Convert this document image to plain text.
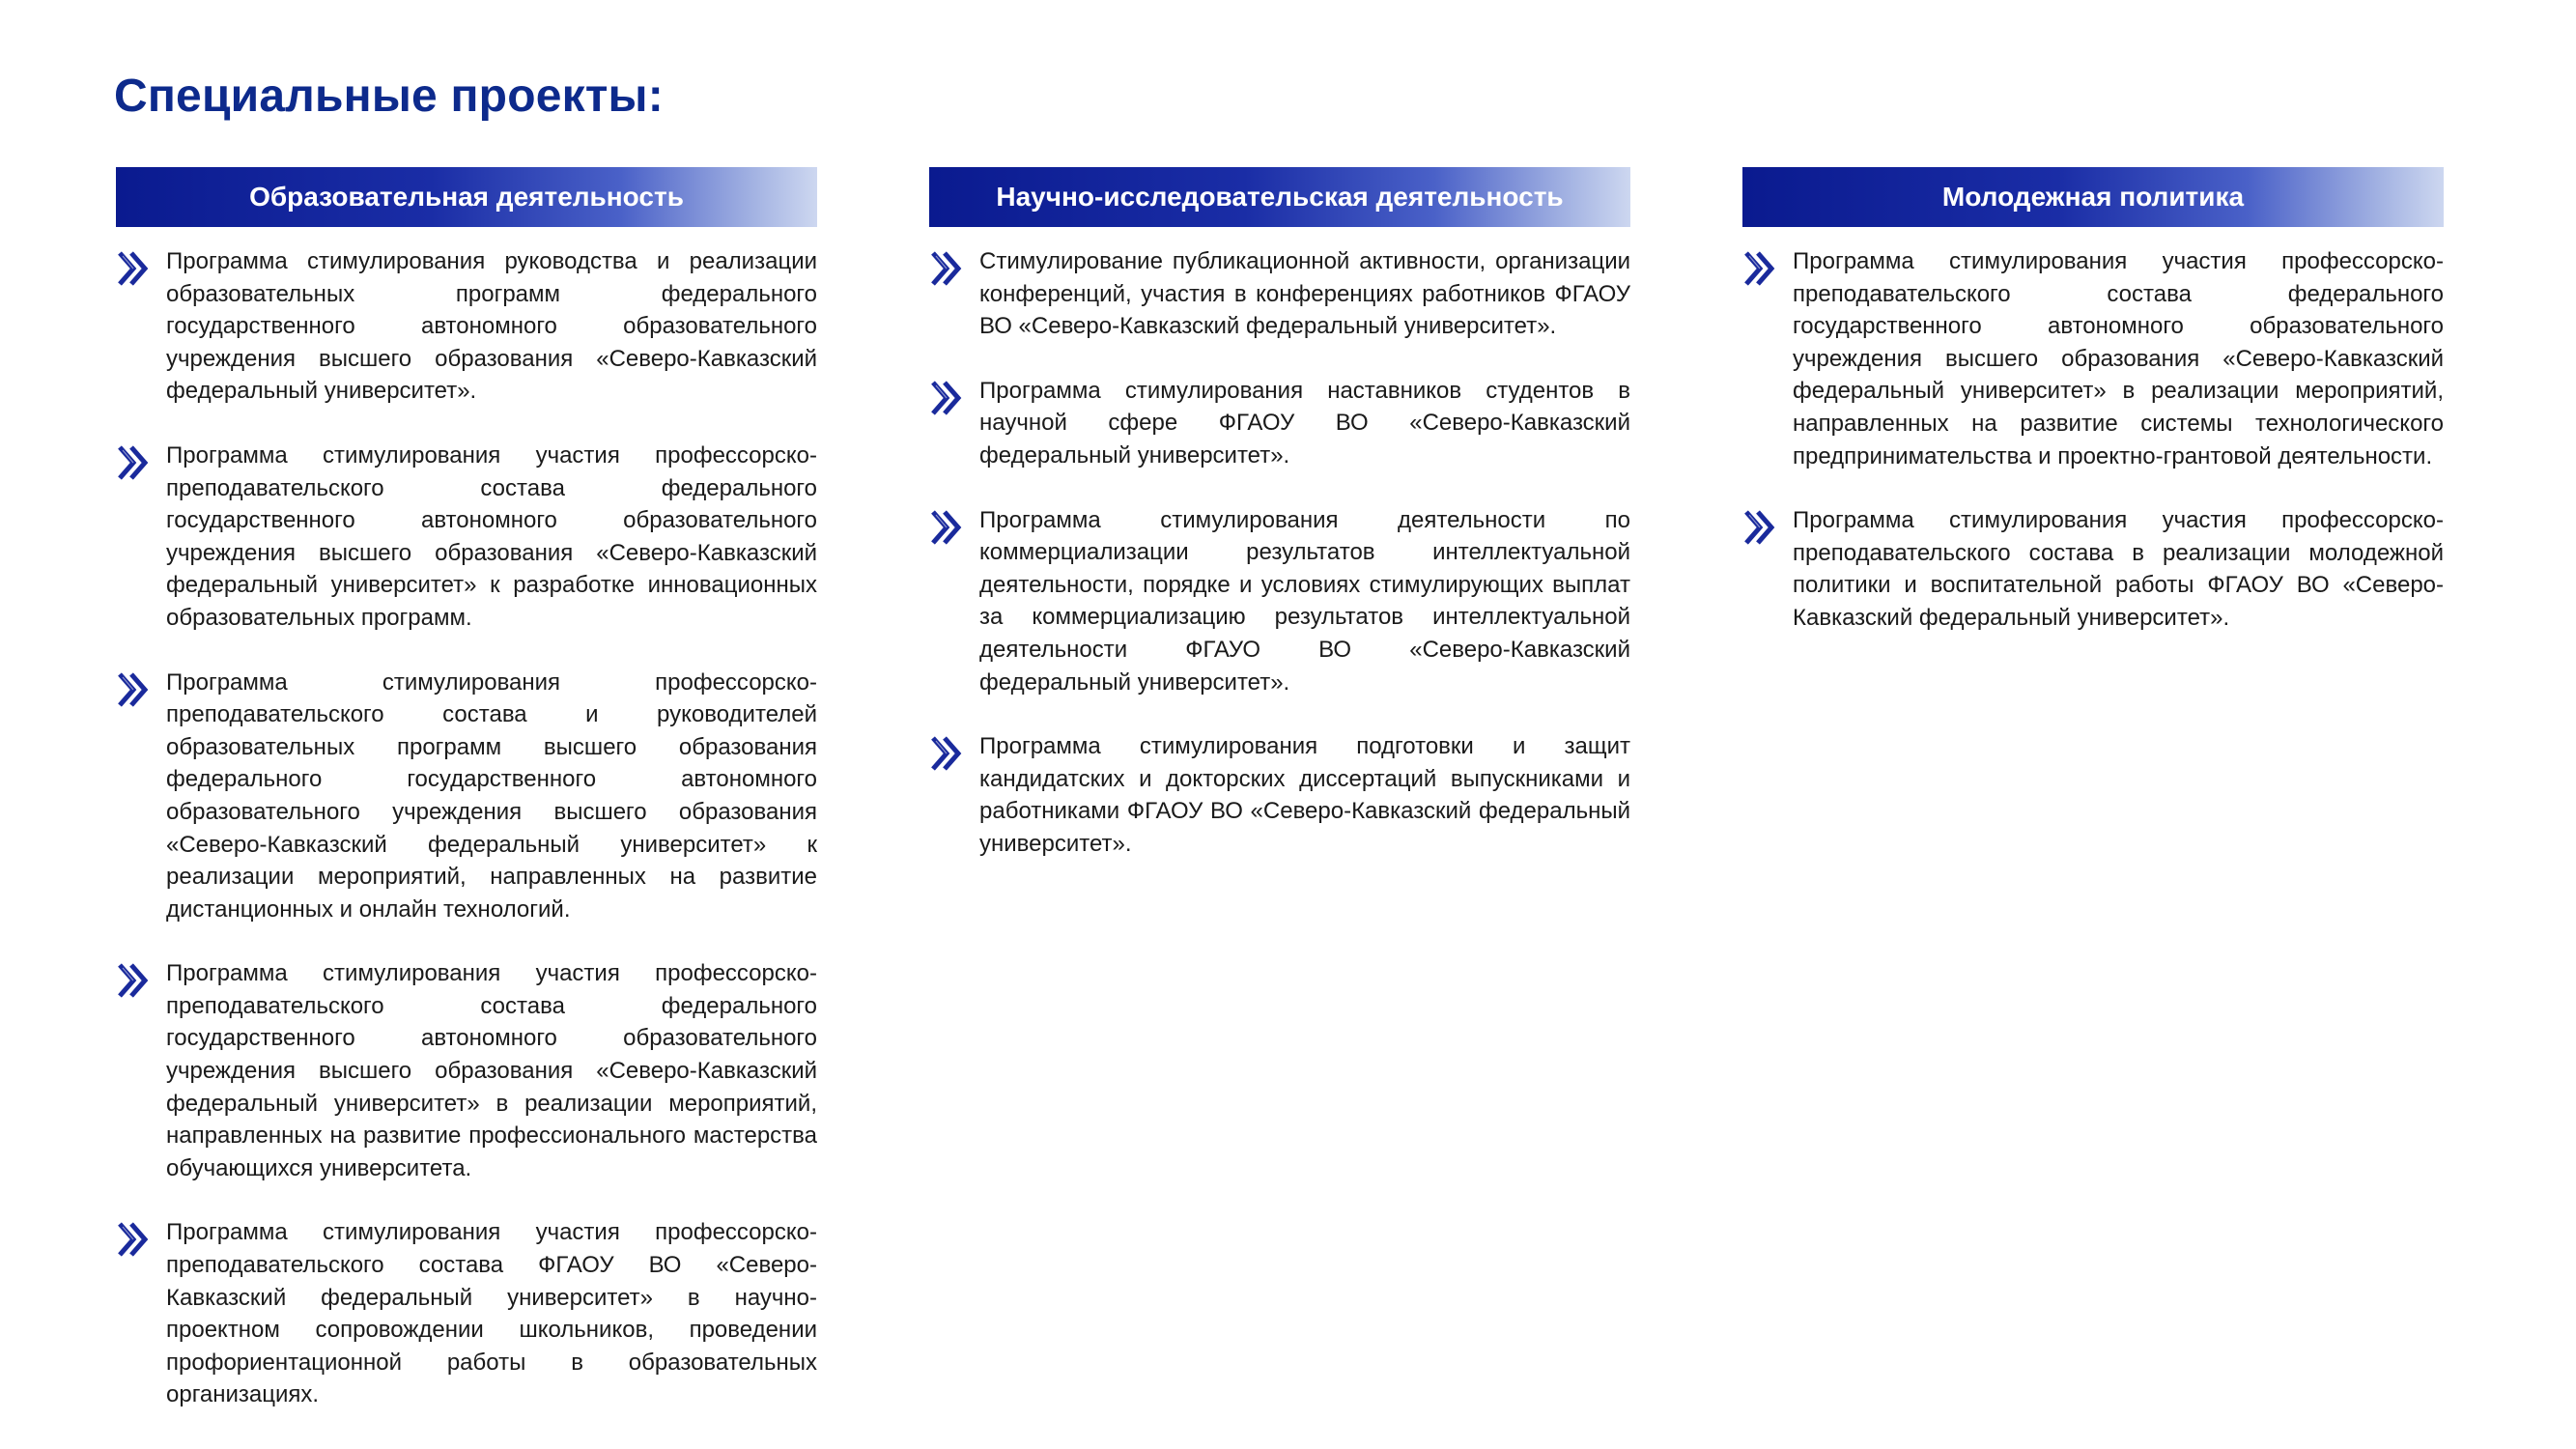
Специальные проекты:
Образовательная деятельность

Программа стимулирования руководства и реализации образовательных программ федерального государственного автономного образовательного учреждения высшего образования «Северо-Кавказский федеральный университет».

Программа стимулирования участия профессорско-преподавательского состава федерального государственного автономного образовательного учреждения высшего образования «Северо-Кавказский федеральный университет» к разработке инновационных образовательных программ.

Программа стимулирования профессорско-преподавательского состава и руководителей образовательных программ высшего образования федерального государственного автономного образовательного учреждения высшего образования «Северо-Кавказский федеральный университет» к реализации мероприятий, направленных на развитие дистанционных и онлайн технологий.

Программа стимулирования участия профессорско-преподавательского состава федерального государственного автономного образовательного учреждения высшего образования «Северо-Кавказский федеральный университет» в реализации мероприятий, направленных на развитие профессионального мастерства обучающихся университета.

Программа стимулирования участия профессорско-преподавательского состава ФГАОУ ВО «Северо-Кавказский федеральный университет» в научно-проектном сопровождении школьников, проведении профориентационной работы в образовательных организациях.

Научно-исследовательская деятельность

Стимулирование публикационной активности, организации конференций, участия в конференциях работников ФГАОУ ВО «Северо-Кавказский федеральный университет».

Программа стимулирования наставников студентов в научной сфере ФГАОУ ВО «Северо-Кавказский федеральный университет».

Программа стимулирования деятельности по коммерциализации результатов интеллектуальной деятельности, порядке и условиях стимулирующих выплат за коммерциализацию результатов интеллектуальной деятельности ФГАУО ВО «Северо-Кавказский федеральный университет».

Программа стимулирования подготовки и защит кандидатских и докторских диссертаций выпускниками и работниками ФГАОУ ВО «Северо-Кавказский федеральный университет».

Молодежная политика

Программа стимулирования участия профессорско-преподавательского состава федерального государственного автономного образовательного учреждения высшего образования «Северо-Кавказский федеральный университет» в реализации мероприятий, направленных на развитие системы технологического предпринимательства и проектно-грантовой деятельности.

Программа стимулирования участия профессорско-преподавательского состава в реализации молодежной политики и воспитательной работы ФГАОУ ВО «Северо-Кавказский федеральный университет».
